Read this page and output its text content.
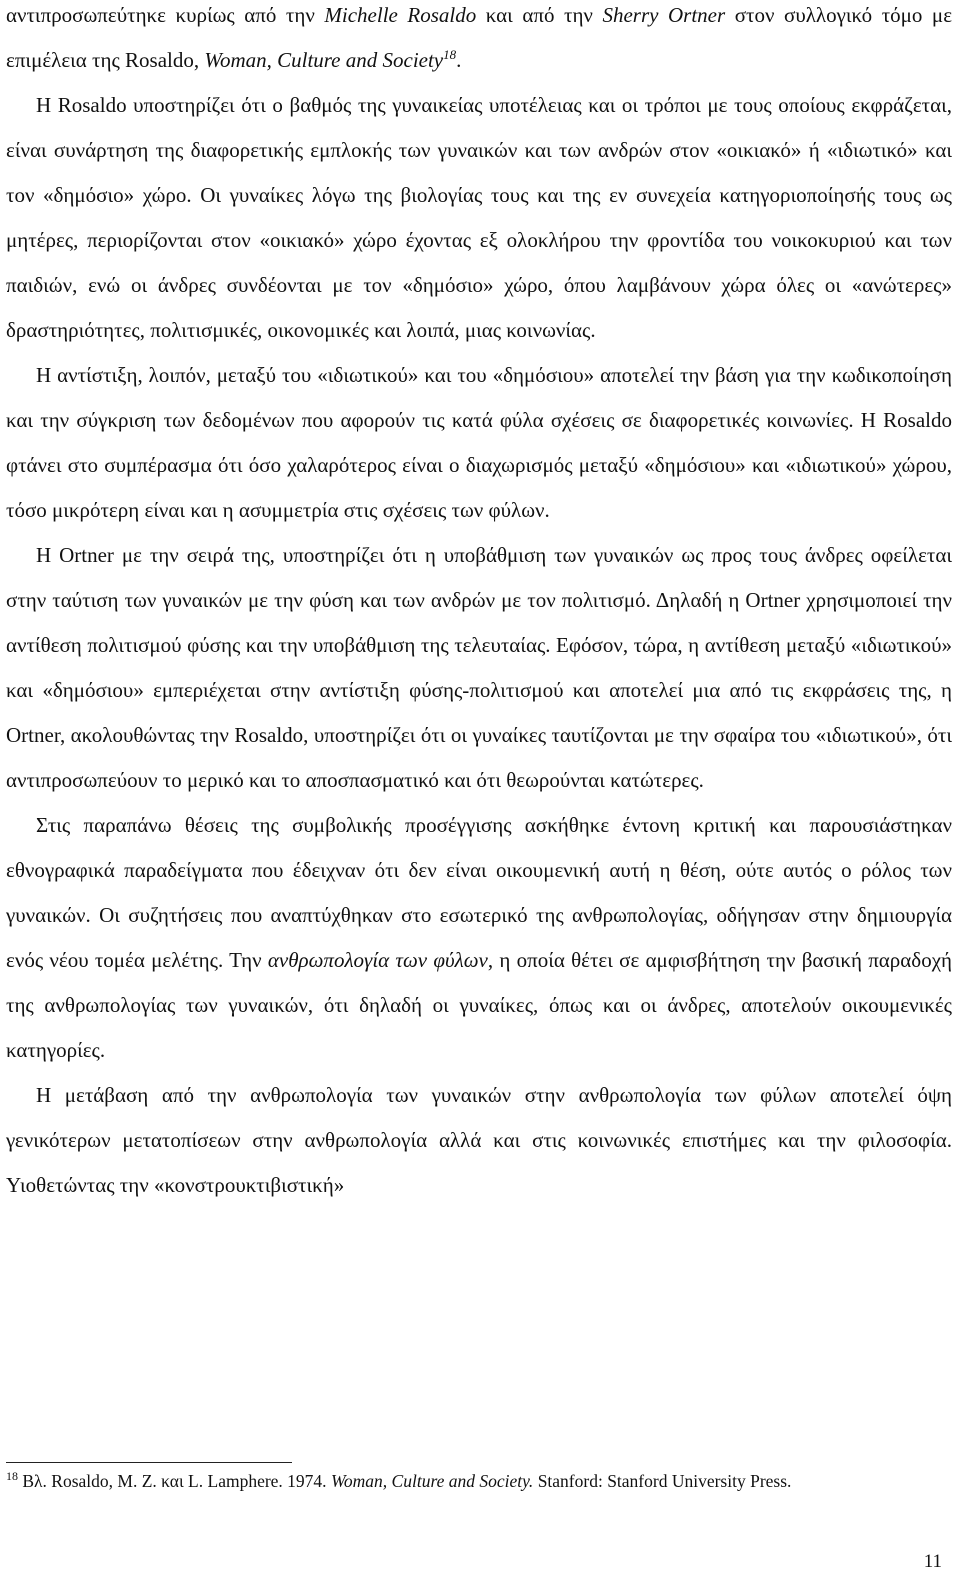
αντιπροσωπεύτηκε κυρίως από την Michelle Rosaldo και από την Sherry Ortner στον συλλογικό τόμο με επιμέλεια της Rosaldo, Woman, Culture and Society$^{18}$.

Η Rosaldo υποστηρίζει ότι ο βαθμός της γυναικείας υποτέλειας και οι τρόποι με τους οποίους εκφράζεται, είναι συνάρτηση της διαφορετικής εμπλοκής των γυναικών και των ανδρών στον «οικιακό» ή «ιδιωτικό» και τον «δημόσιο» χώρο. Οι γυναίκες λόγω της βιολογίας τους και της εν συνεχεία κατηγοριοποίησής τους ως μητέρες, περιορίζονται στον «οικιακό» χώρο έχοντας εξ ολοκλήρου την φροντίδα του νοικοκυριού και των παιδιών, ενώ οι άνδρες συνδέονται με τον «δημόσιο» χώρο, όπου λαμβάνουν χώρα όλες οι «ανώτερες» δραστηριότητες, πολιτισμικές, οικονομικές και λοιπά, μιας κοινωνίας.

Η αντίστιξη, λοιπόν, μεταξύ του «ιδιωτικού» και του «δημόσιου» αποτελεί την βάση για την κωδικοποίηση και την σύγκριση των δεδομένων που αφορούν τις κατά φύλα σχέσεις σε διαφορετικές κοινωνίες. Η Rosaldo φτάνει στο συμπέρασμα ότι όσο χαλαρότερος είναι ο διαχωρισμός μεταξύ «δημόσιου» και «ιδιωτικού» χώρου, τόσο μικρότερη είναι και η ασυμμετρία στις σχέσεις των φύλων.

Η Ortner με την σειρά της, υποστηρίζει ότι η υποβάθμιση των γυναικών ως προς τους άνδρες οφείλεται στην ταύτιση των γυναικών με την φύση και των ανδρών με τον πολιτισμό. Δηλαδή η Ortner χρησιμοποιεί την αντίθεση πολιτισμού φύσης και την υποβάθμιση της τελευταίας. Εφόσον, τώρα, η αντίθεση μεταξύ «ιδιωτικού» και «δημόσιου» εμπεριέχεται στην αντίστιξη φύσης-πολιτισμού και αποτελεί μια από τις εκφράσεις της, η Ortner, ακολουθώντας την Rosaldo, υποστηρίζει ότι οι γυναίκες ταυτίζονται με την σφαίρα του «ιδιωτικού», ότι αντιπροσωπεύουν το μερικό και το αποσπασματικό και ότι θεωρούνται κατώτερες.

Στις παραπάνω θέσεις της συμβολικής προσέγγισης ασκήθηκε έντονη κριτική και παρουσιάστηκαν εθνογραφικά παραδείγματα που έδειχναν ότι δεν είναι οικουμενική αυτή η θέση, ούτε αυτός ο ρόλος των γυναικών. Οι συζητήσεις που αναπτύχθηκαν στο εσωτερικό της ανθρωπολογίας, οδήγησαν στην δημιουργία ενός νέου τομέα μελέτης. Την ανθρωπολογία των φύλων, η οποία θέτει σε αμφισβήτηση την βασική παραδοχή της ανθρωπολογίας των γυναικών, ότι δηλαδή οι γυναίκες, όπως και οι άνδρες, αποτελούν οικουμενικές κατηγορίες.

Η μετάβαση από την ανθρωπολογία των γυναικών στην ανθρωπολογία των φύλων αποτελεί όψη γενικότερων μετατοπίσεων στην ανθρωπολογία αλλά και στις κοινωνικές επιστήμες και την φιλοσοφία. Υιοθετώντας την «κονστρουκτιβιστική»

$^{18}$ Βλ. Rosaldo, M. Z. και L. Lamphere. 1974. Woman, Culture and Society. Stanford: Stanford University Press.

11
